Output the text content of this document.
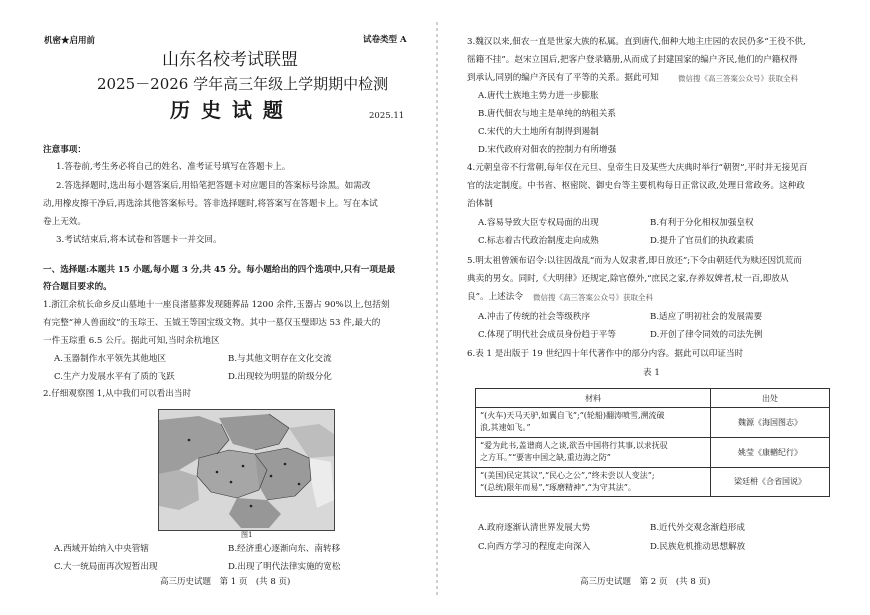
机密★启用前	试卷类型 A
山东名校考试联盟
2025－2026 学年高三年级上学期期中检测
历 史 试 题	2025.11
注意事项：
1.答卷前,考生务必将自己的姓名、准考证号填写在答题卡上。
2.答选择题时,选出每小题答案后,用铅笔把答题卡对应题目的答案标号涂黑。如需改
动,用橡皮擦干净后,再选涂其他答案标号。答非选择题时,将答案写在答题卡上。写在本试
卷上无效。
3.考试结束后,将本试卷和答题卡一并交回。
一、选择题:本题共 15 小题,每小题 3 分,共 45 分。每小题给出的四个选项中,只有一项是最
符合题目要求的。
1.浙江余杭长命乡反山墓地十一座良渚墓葬发现随葬品 1200 余件,玉器占 90%以上,包括刻
有完整“神人兽面纹”的玉琮王、玉钺王等国宝级文物。其中一墓仅玉璧即达 53 件,最大的
一件玉琮重 6.5 公斤。据此可知,当时余杭地区
A.玉器制作水平领先其他地区	B.与其他文明存在文化交流
C.生产力发展水平有了质的飞跃	D.出现较为明显的阶级分化
2.仔细观察图 1,从中我们可以看出当时
图1
A.西域开始纳入中央管辖	B.经济重心逐渐向东、南转移
C.大一统局面再次短暂出现	D.出现了明代法律实施的宽松
高三历史试题　第 1 页　(共 8 页)
3.魏汉以来,佃农一直是世家大族的私属。直到唐代,佃种大地主庄园的农民仍多“王役不供,
徭籍不挂”。赵宋立国后,把客户登录籍册,从而成了封建国家的编户齐民,他们的户籍权得
到承认,同别的编户齐民有了平等的关系。据此可知	微信搜《高三答案公众号》获取全科
A.唐代士族地主势力进一步膨胀
B.唐代佃农与地主是单纯的纳租关系
C.宋代的大土地所有制得到遏制
D.宋代政府对佃农的控制力有所增强
4.元朝皇帝不行常朝,每年仅在元旦、皇帝生日及某些大庆典时举行“朝贺”,平时并无接见百
官的法定制度。中书省、枢密院、御史台等主要机构每日正常议政,处理日常政务。这种政
治体制
A.容易导致大臣专权局面的出现	B.有利于分化相权加强皇权
C.标志着古代政治制度走向成熟	D.提升了官员们的执政素质
5.明太祖曾颁布诏令:以往因战乱“而为人奴隶者,即日放还”;下令由朝廷代为赎还因饥荒而
典卖的男女。同时,《大明律》还规定,除官僚外,“庶民之家,存养奴婢者,杖一百,即放从
良”。上述法令 微信搜《高三答案公众号》获取全科
A.冲击了传统的社会等级秩序	B.适应了明初社会的发展需要
C.体现了明代社会成员身份趋于平等	D.开创了律令同效的司法先例
6.表 1 是出版于 19 世纪四十年代著作中的部分内容。据此可以印证当时
表 1
材料	出处

“(火车)天马天驴,如翼自飞”;“(轮船)翻涛喷雪,溯流破
浪,其速如飞。”	魏源《海国图志》

“爱为此书,盖谱商人之谈,欲吾中国将行其事,以求抚驭
之方耳。”“要害中国之缺,重边海之防”	姚莹《康輶纪行》

“(美国)民定其议”,“民心之公”,“终未尝以人变法”;
“(总统)限年而易”,“琢磨精神”,“为守其法”。	梁廷枏《合省国说》
A.政府逐渐认清世界发展大势	B.近代外交观念渐趋形成
C.向西方学习的程度走向深入	D.民族危机推动思想解放
高三历史试题　第 2 页　(共 8 页)
